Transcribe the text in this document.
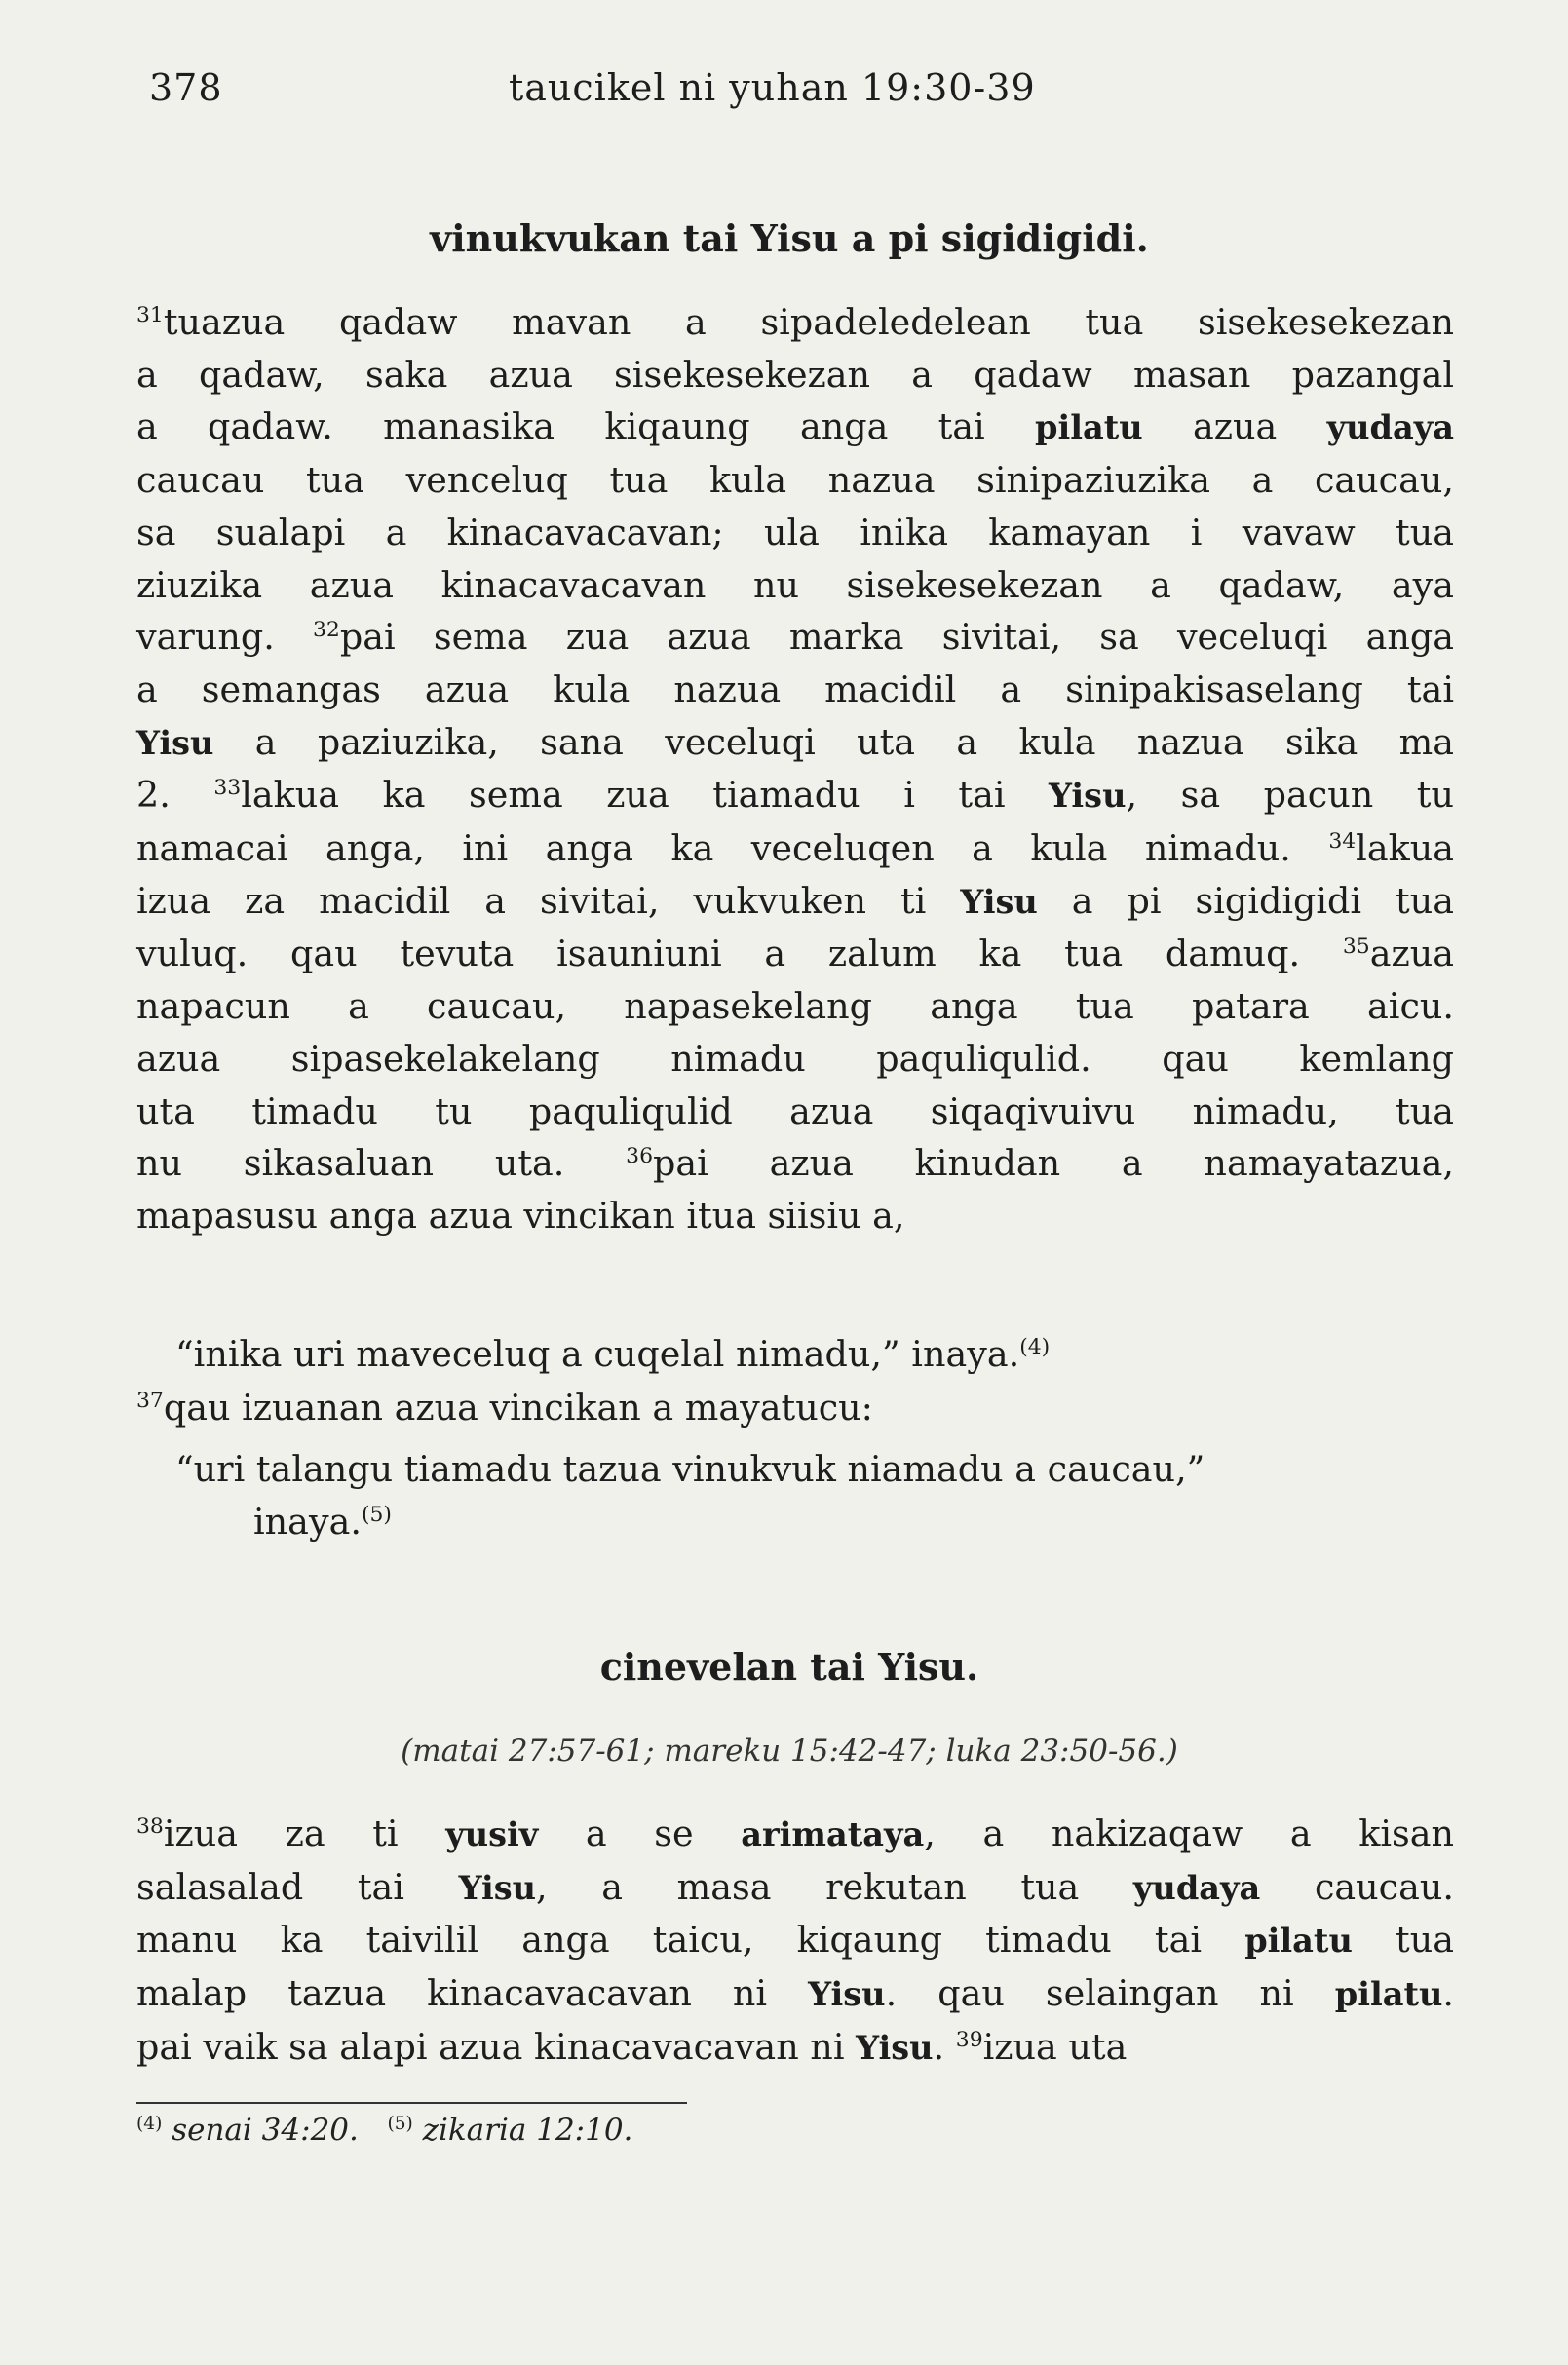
378	taucikel ni yuhan 19:30-39
vinukvukan tai Yisu a pi sigidigidi.
$^{31}$tuazua qadaw mavan a sipadeledelean tua sisekesekezan
a qadaw, saka azua sisekesekezan a qadaw masan pazangal
a qadaw. manasika kiqaung anga tai pilatu azua yudaya
caucau tua venceluq tua kula nazua sinipaziuzika a caucau,
sa sualapi a kinacavacavan; ula inika kamayan i vavaw tua
ziuzika azua kinacavacavan nu sisekesekezan a qadaw, aya
varung. $^{32}$pai sema zua azua marka sivitai, sa veceluqi anga
a semangas azua kula nazua macidil a sinipakisaselang tai
Yisu a paziuzika, sana veceluqi uta a kula nazua sika ma
2. $^{33}$lakua ka sema zua tiamadu i tai Yisu, sa pacun tu
namacai anga, ini anga ka veceluqen a kula nimadu. $^{34}$lakua
izua za macidil a sivitai, vukvuken ti Yisu a pi sigidigidi tua
vuluq. qau tevuta isauniuni a zalum ka tua damuq. $^{35}$azua
napacun a caucau, napasekelang anga tua patara aicu.
azua sipasekelakelang nimadu paquliqulid. qau kemlang
uta timadu tu paquliqulid azua siqaqivuivu nimadu, tua
nu sikasaluan uta. $^{36}$pai azua kinudan a namayatazua,
mapasusu anga azua vincikan itua siisiu a,
“inika uri maveceluq a cuqelal nimadu,” inaya.$^{(4)}$
$^{37}$qau izuanan azua vincikan a mayatucu:
“uri talangu tiamadu tazua vinukvuk niamadu a caucau,”
inaya.$^{(5)}$
cinevelan tai Yisu.
(matai 27:57-61; mareku 15:42-47; luka 23:50-56.)
$^{38}$izua za ti yusiv a se arimataya, a nakizaqaw a kisan
salasalad tai Yisu, a masa rekutan tua yudaya caucau.
manu ka taivilil anga taicu, kiqaung timadu tai pilatu tua
malap tazua kinacavacavan ni Yisu. qau selaingan ni pilatu.
pai vaik sa alapi azua kinacavacavan ni Yisu. $^{39}$izua uta
$^{(4)}$ senai 34:20. $^{(5)}$ zikaria 12:10.
